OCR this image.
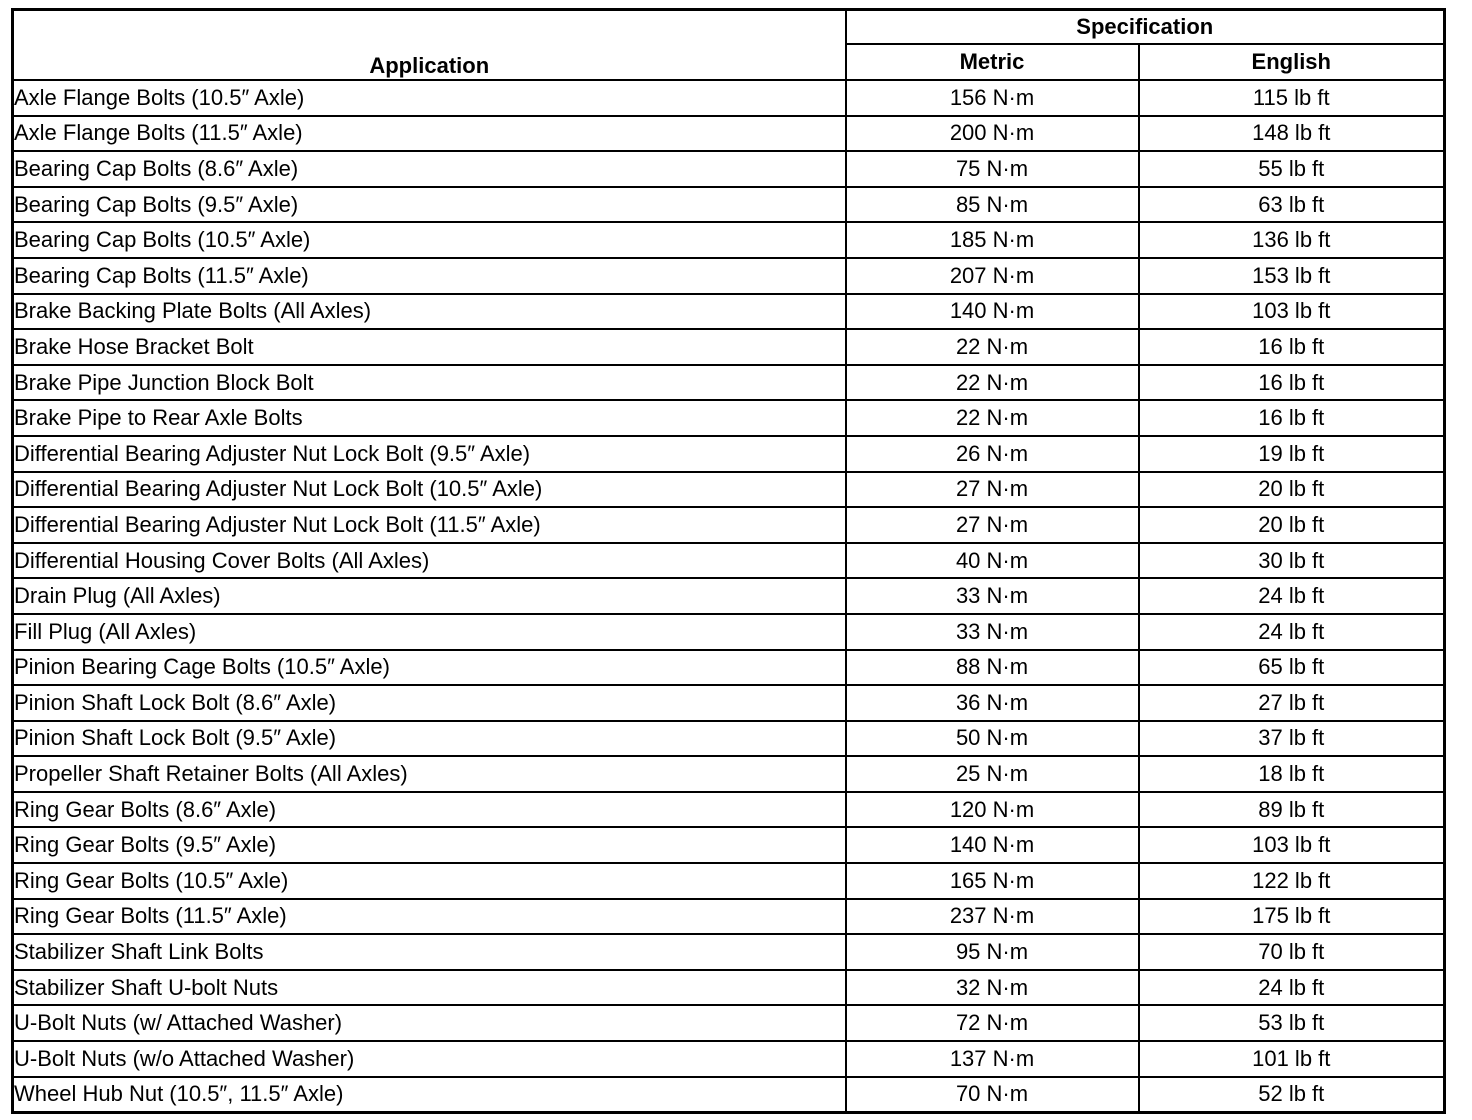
Application	Specification	
	Metric	English
Axle Flange Bolts (10.5″ Axle)	156 N·m	115 lb ft
Axle Flange Bolts (11.5″ Axle)	200 N·m	148 lb ft
Bearing Cap Bolts (8.6″ Axle)	75 N·m	55 lb ft
Bearing Cap Bolts (9.5″ Axle)	85 N·m	63 lb ft
Bearing Cap Bolts (10.5″ Axle)	185 N·m	136 lb ft
Bearing Cap Bolts (11.5″ Axle)	207 N·m	153 lb ft
Brake Backing Plate Bolts (All Axles)	140 N·m	103 lb ft
Brake Hose Bracket Bolt	22 N·m	16 lb ft
Brake Pipe Junction Block Bolt	22 N·m	16 lb ft
Brake Pipe to Rear Axle Bolts	22 N·m	16 lb ft
Differential Bearing Adjuster Nut Lock Bolt (9.5″ Axle)	26 N·m	19 lb ft
Differential Bearing Adjuster Nut Lock Bolt (10.5″ Axle)	27 N·m	20 lb ft
Differential Bearing Adjuster Nut Lock Bolt (11.5″ Axle)	27 N·m	20 lb ft
Differential Housing Cover Bolts (All Axles)	40 N·m	30 lb ft
Drain Plug (All Axles)	33 N·m	24 lb ft
Fill Plug (All Axles)	33 N·m	24 lb ft
Pinion Bearing Cage Bolts (10.5″ Axle)	88 N·m	65 lb ft
Pinion Shaft Lock Bolt (8.6″ Axle)	36 N·m	27 lb ft
Pinion Shaft Lock Bolt (9.5″ Axle)	50 N·m	37 lb ft
Propeller Shaft Retainer Bolts (All Axles)	25 N·m	18 lb ft
Ring Gear Bolts (8.6″ Axle)	120 N·m	89 lb ft
Ring Gear Bolts (9.5″ Axle)	140 N·m	103 lb ft
Ring Gear Bolts (10.5″ Axle)	165 N·m	122 lb ft
Ring Gear Bolts (11.5″ Axle)	237 N·m	175 lb ft
Stabilizer Shaft Link Bolts	95 N·m	70 lb ft
Stabilizer Shaft U-bolt Nuts	32 N·m	24 lb ft
U-Bolt Nuts (w/ Attached Washer)	72 N·m	53 lb ft
U-Bolt Nuts (w/o Attached Washer)	137 N·m	101 lb ft
Wheel Hub Nut (10.5″, 11.5″ Axle)	70 N·m	52 lb ft
